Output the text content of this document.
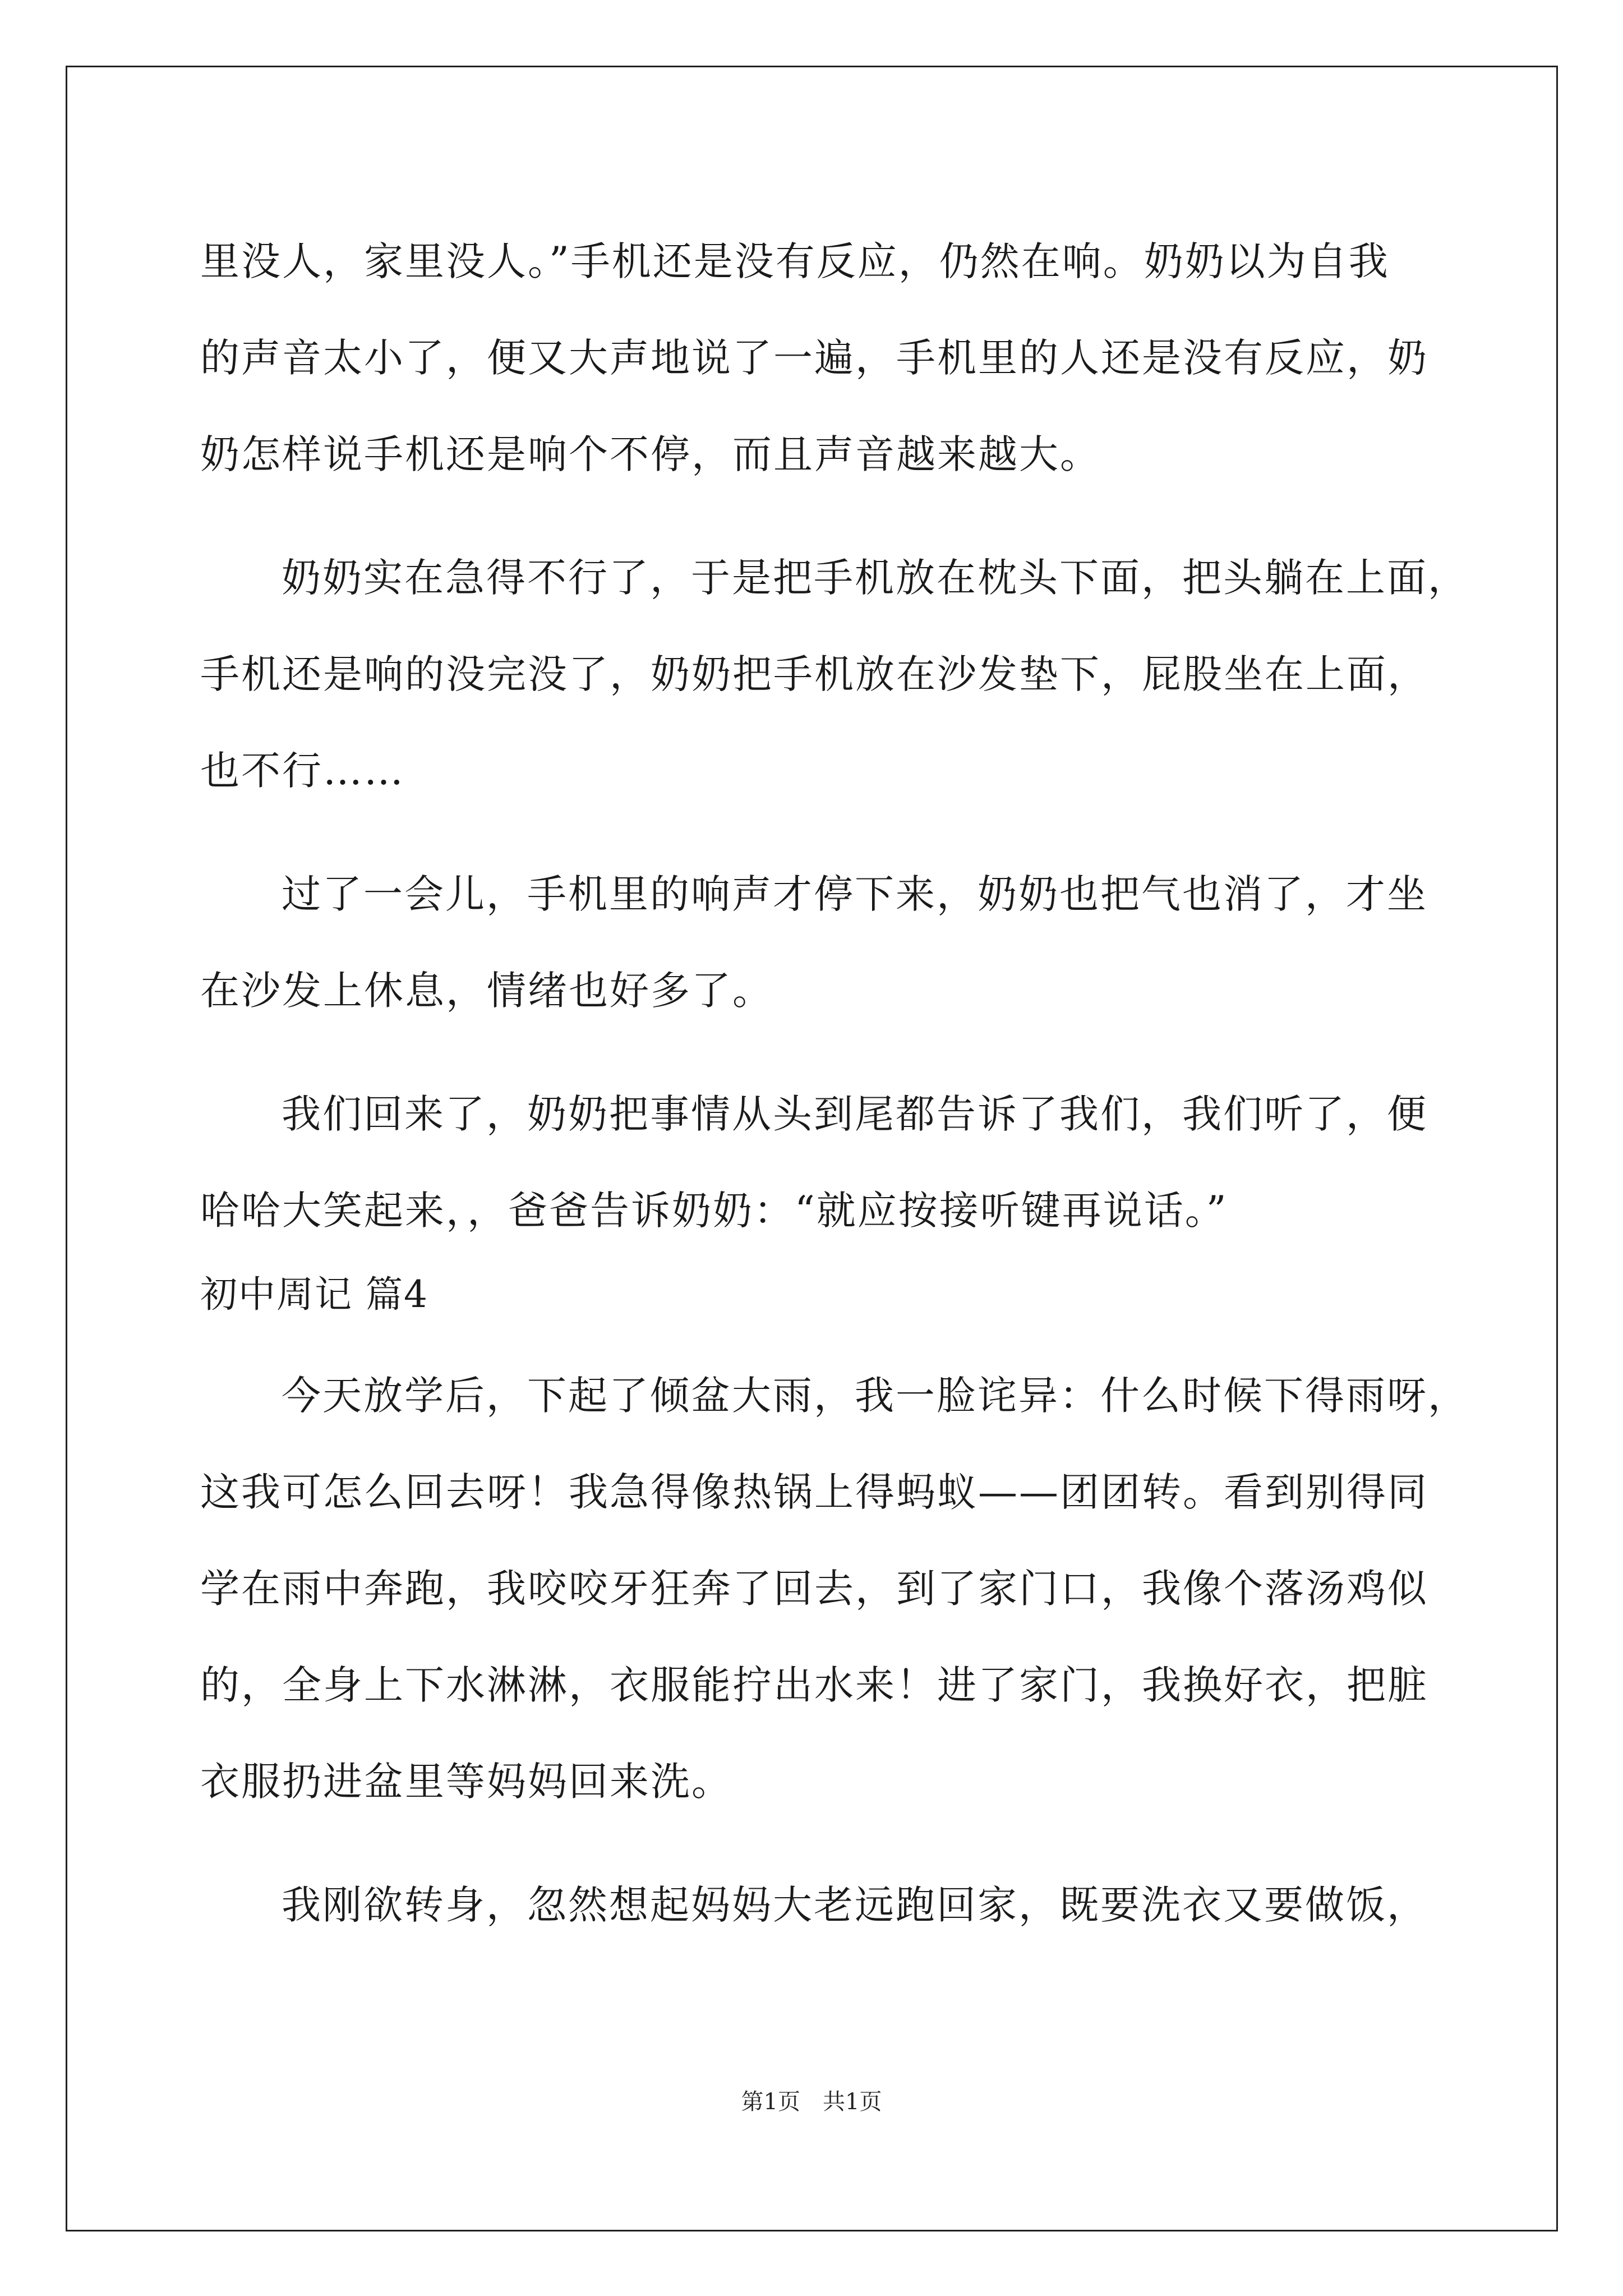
里没人，家里没人。”手机还是没有反应，仍然在响。奶奶以为自我
的声音太小了，便又大声地说了一遍，手机里的人还是没有反应，奶
奶怎样说手机还是响个不停，而且声音越来越大。
奶奶实在急得不行了，于是把手机放在枕头下面，把头躺在上面，
手机还是响的没完没了，奶奶把手机放在沙发垫下，屁股坐在上面，
也不行……
过了一会儿，手机里的响声才停下来，奶奶也把气也消了，才坐
在沙发上休息，情绪也好多了。
我们回来了，奶奶把事情从头到尾都告诉了我们，我们听了，便
哈哈大笑起来，，爸爸告诉奶奶：“就应按接听键再说话。”
初中周记 篇4
今天放学后，下起了倾盆大雨，我一脸诧异：什么时候下得雨呀，
这我可怎么回去呀！我急得像热锅上得蚂蚁——团团转。看到别得同
学在雨中奔跑，我咬咬牙狂奔了回去，到了家门口，我像个落汤鸡似
的，全身上下水淋淋，衣服能拧出水来！进了家门，我换好衣，把脏
衣服扔进盆里等妈妈回来洗。
我刚欲转身，忽然想起妈妈大老远跑回家，既要洗衣又要做饭，
第1页　共1页
